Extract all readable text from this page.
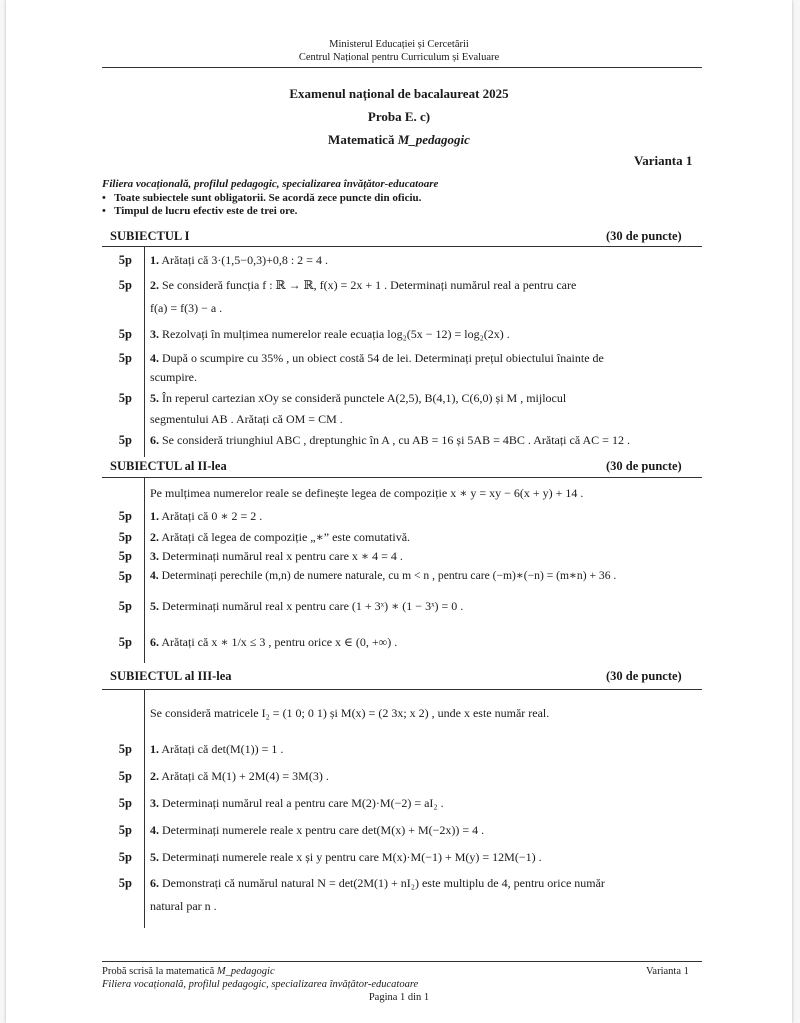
Ministerul Educației și Cercetării
Centrul Național pentru Curriculum și Evaluare
Examenul național de bacalaureat 2025
Proba E. c)
Matematică M_pedagogic
Varianta 1
Filiera vocațională, profilul pedagogic, specializarea învățător-educatoare
•   Toate subiectele sunt obligatorii. Se acordă zece puncte din oficiu.
•   Timpul de lucru efectiv este de trei ore.
SUBIECTUL I	(30 de puncte)
5p 1. Arătați că 3·(1,5−0,3)+0,8 : 2 = 4 .
5p 2. Se consideră funcția f : ℝ → ℝ, f(x) = 2x + 1 . Determinați numărul real a pentru care
f(a) = f(3) − a .
5p 3. Rezolvați în mulțimea numerelor reale ecuația log₂(5x − 12) = log₂(2x) .
5p 4. După o scumpire cu 35% , un obiect costă 54 de lei. Determinați prețul obiectului înainte de
scumpire.
5p 5. În reperul cartezian xOy se consideră punctele A(2,5), B(4,1), C(6,0) și M , mijlocul
segmentului AB . Arătați că OM = CM .
5p 6. Se consideră triunghiul ABC , dreptunghic în A , cu AB = 16 și 5AB = 4BC . Arătați că AC = 12 .
SUBIECTUL al II-lea	(30 de puncte)
Pe mulțimea numerelor reale se definește legea de compoziție x ∗ y = xy − 6(x + y) + 14 .
5p 1. Arătați că 0 ∗ 2 = 2 .
5p 2. Arătați că legea de compoziție „∗” este comutativă.
5p 3. Determinați numărul real x pentru care x ∗ 4 = 4 .
5p 4. Determinați perechile (m,n) de numere naturale, cu m < n , pentru care (−m)∗(−n) = (m∗n) + 36 .
5p 5. Determinați numărul real x pentru care (1 + 3ˣ) ∗ (1 − 3ˣ) = 0 .
5p 6. Arătați că x ∗ 1/x ≤ 3 , pentru orice x ∈ (0, +∞) .
SUBIECTUL al III-lea	(30 de puncte)
Se consideră matricele I₂ = (1 0; 0 1) și M(x) = (2 3x; x 2) , unde x este număr real.
5p 1. Arătați că det(M(1)) = 1 .
5p 2. Arătați că M(1) + 2M(4) = 3M(3) .
5p 3. Determinați numărul real a pentru care M(2)·M(−2) = aI₂ .
5p 4. Determinați numerele reale x pentru care det(M(x) + M(−2x)) = 4 .
5p 5. Determinați numerele reale x și y pentru care M(x)·M(−1) + M(y) = 12M(−1) .
5p 6. Demonstrați că numărul natural N = det(2M(1) + nI₂) este multiplu de 4, pentru orice număr
natural par n .
Probă scrisă la matematică M_pedagogic	Varianta 1
Filiera vocațională, profilul pedagogic, specializarea învățător-educatoare
Pagina 1 din 1
